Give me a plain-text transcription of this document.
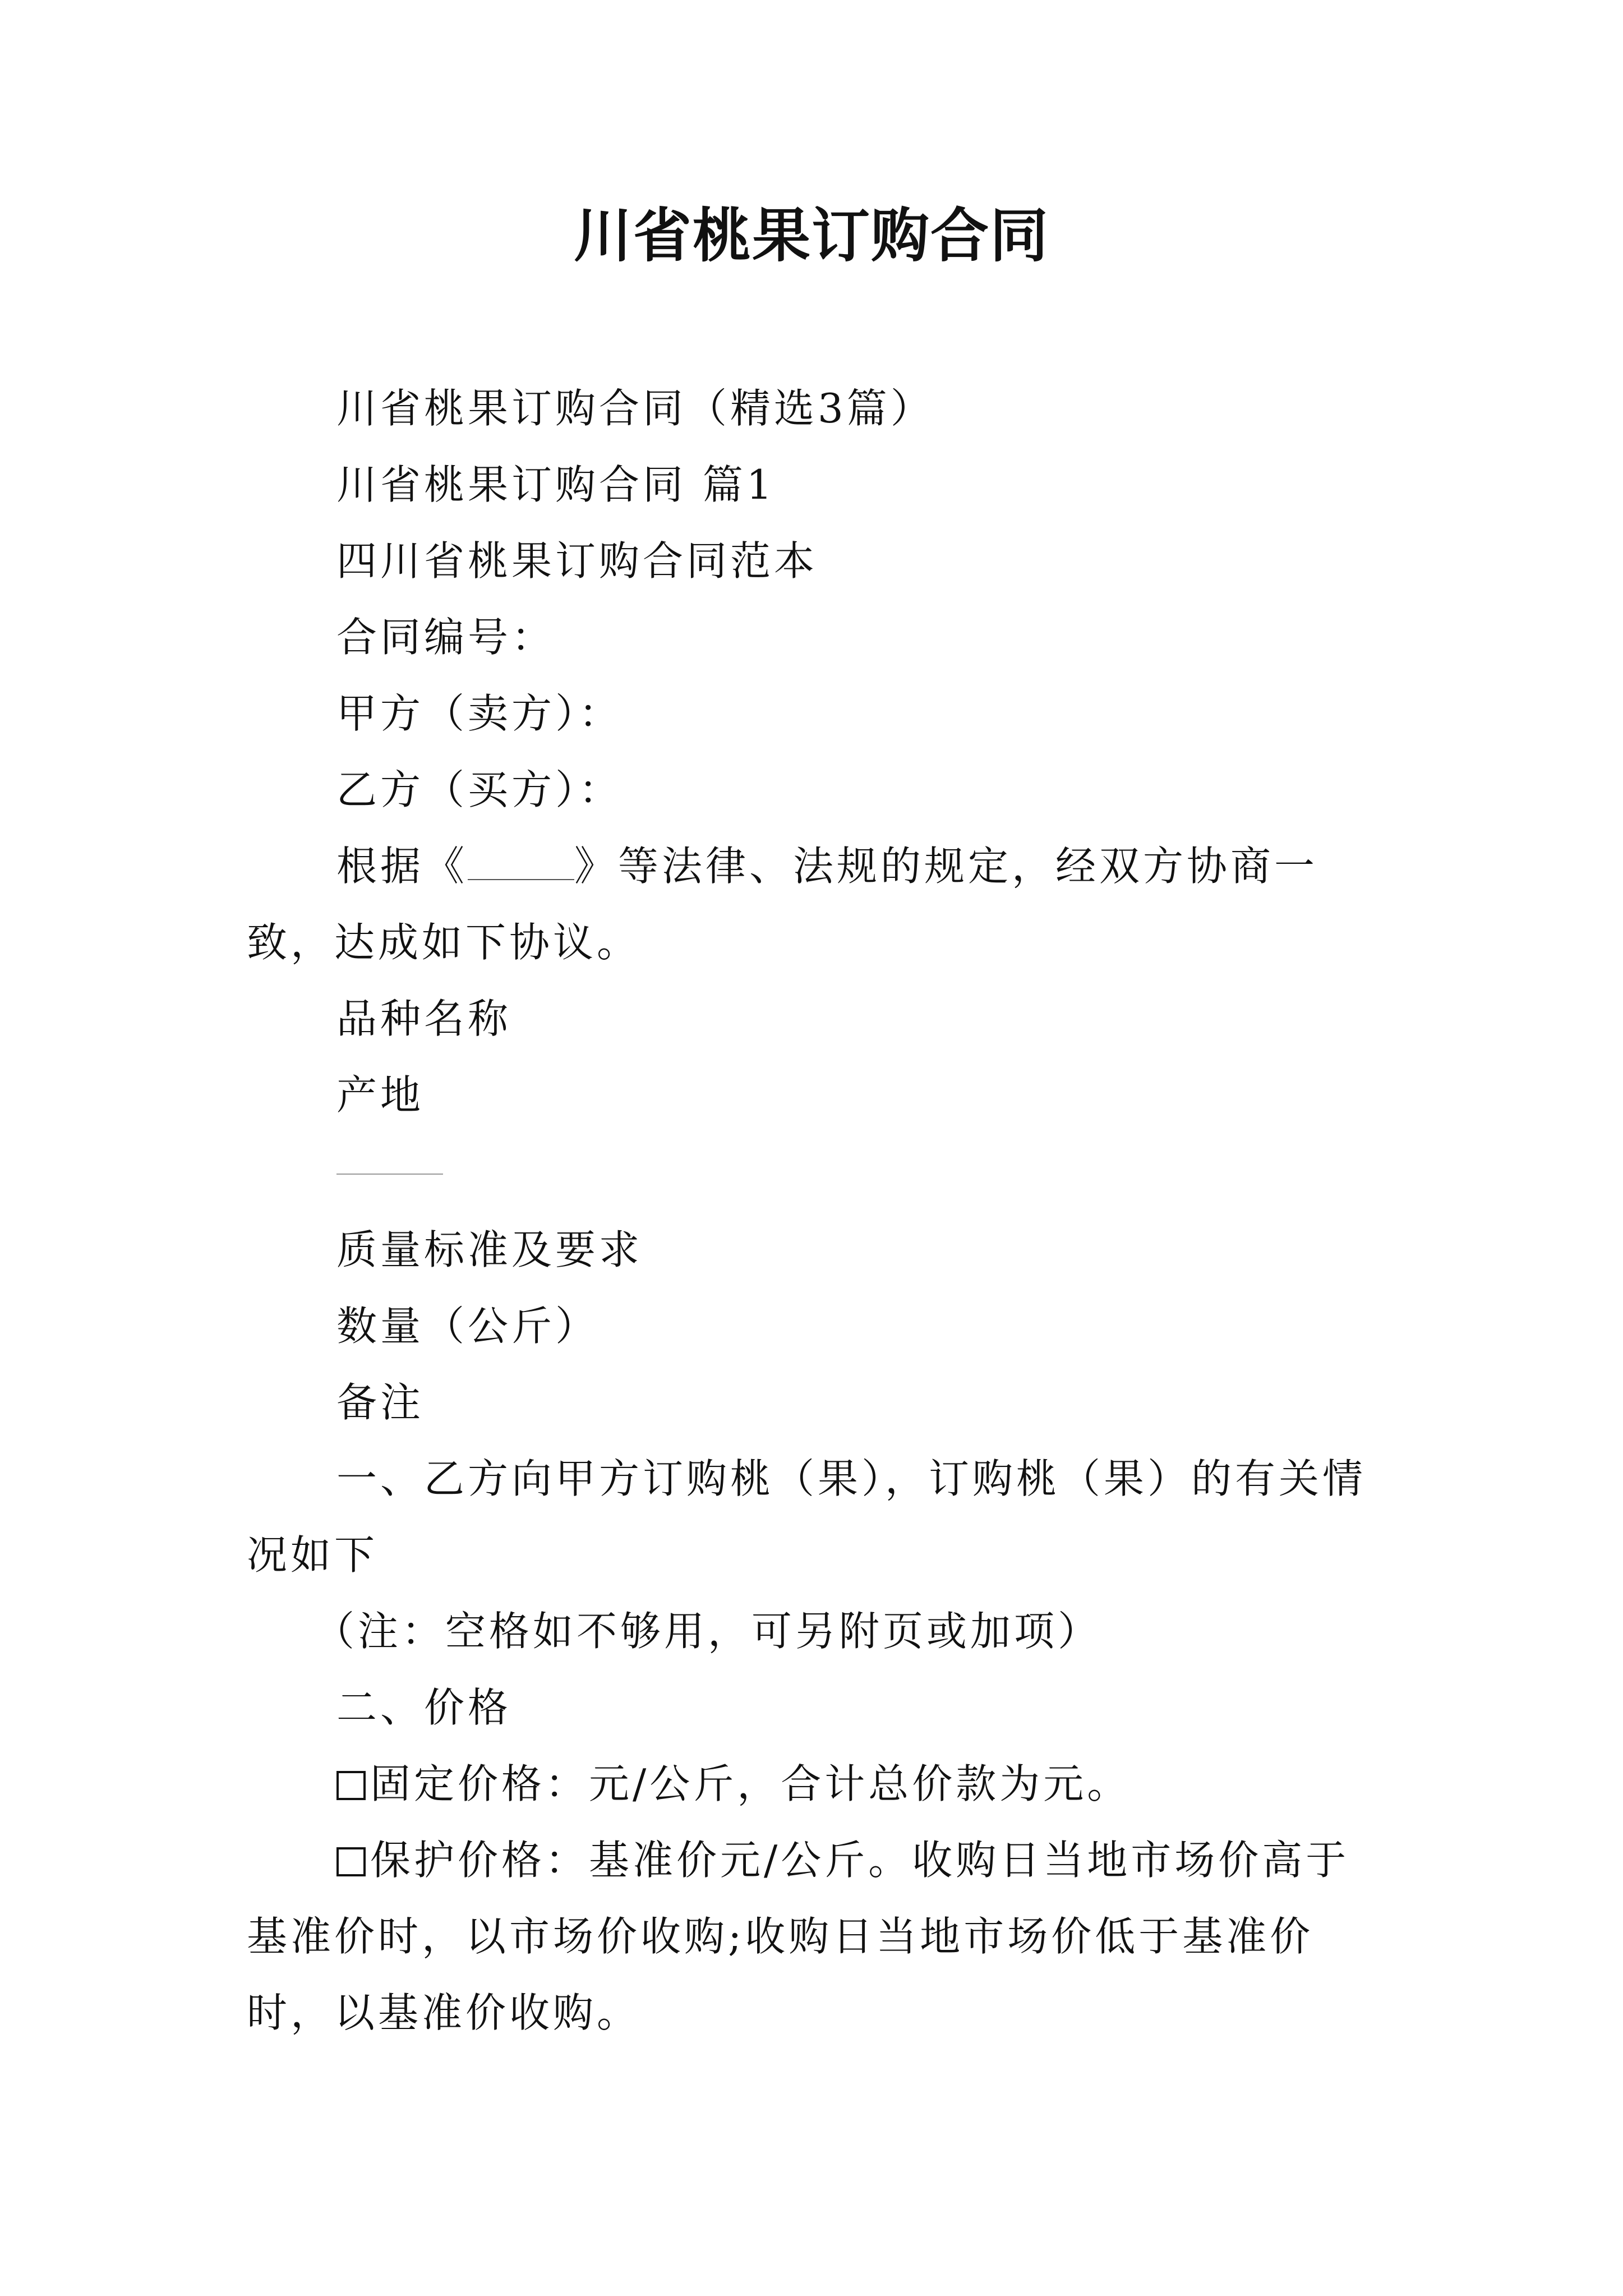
川省桃果订购合同

川省桃果订购合同（精选3篇）

川省桃果订购合同 篇1

四川省桃果订购合同范本

合同编号：

甲方（卖方）：

乙方（买方）：

根据《	》等法律、法规的规定，经双方协商一致，达成如下协议。

品种名称

产地

质量标准及要求

数量（公斤）

备注

一、乙方向甲方订购桃（果），订购桃（果）的有关情况如下

（注：空格如不够用，可另附页或加项）

二、价格

固定价格：元/公斤，合计总价款为元。

保护价格：基准价元/公斤。收购日当地市场价高于基准价时，以市场价收购;收购日当地市场价低于基准价时，以基准价收购。
